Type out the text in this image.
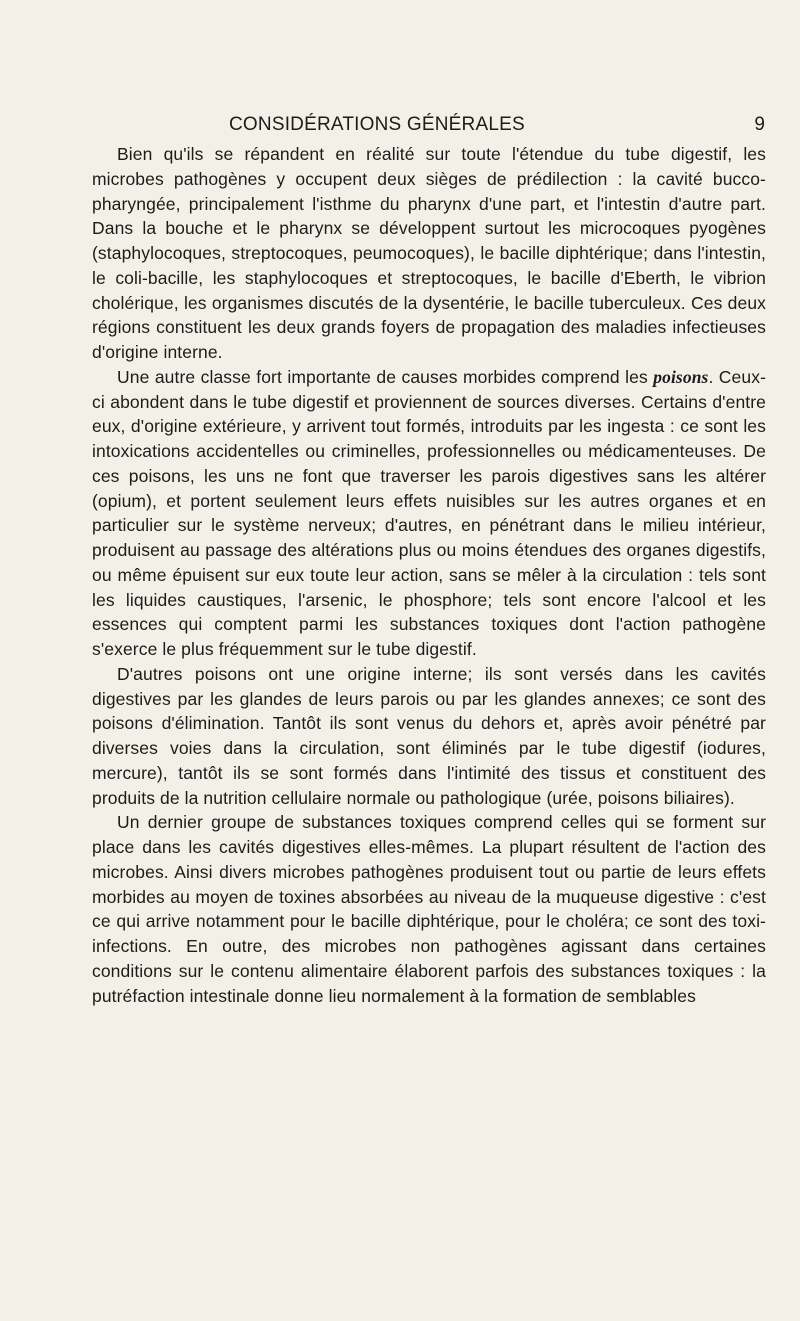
CONSIDÉRATIONS GÉNÉRALES	9

Bien qu'ils se répandent en réalité sur toute l'étendue du tube digestif, les microbes pathogènes y occupent deux sièges de prédilection : la cavité bucco-pharyngée, principalement l'isthme du pharynx d'une part, et l'intestin d'autre part. Dans la bouche et le pharynx se développent surtout les microcoques pyogènes (staphylocoques, streptocoques, peumocoques), le bacille diphtérique; dans l'intestin, le coli-bacille, les staphylocoques et streptocoques, le bacille d'Eberth, le vibrion cholérique, les organismes discutés de la dysentérie, le bacille tuberculeux. Ces deux régions constituent les deux grands foyers de propagation des maladies infectieuses d'origine interne.

Une autre classe fort importante de causes morbides comprend les poisons. Ceux-ci abondent dans le tube digestif et proviennent de sources diverses. Certains d'entre eux, d'origine extérieure, y arrivent tout formés, introduits par les ingesta : ce sont les intoxications accidentelles ou criminelles, professionnelles ou médicamenteuses. De ces poisons, les uns ne font que traverser les parois digestives sans les altérer (opium), et portent seulement leurs effets nuisibles sur les autres organes et en particulier sur le système nerveux; d'autres, en pénétrant dans le milieu intérieur, produisent au passage des altérations plus ou moins étendues des organes digestifs, ou même épuisent sur eux toute leur action, sans se mêler à la circulation : tels sont les liquides caustiques, l'arsenic, le phosphore; tels sont encore l'alcool et les essences qui comptent parmi les substances toxiques dont l'action pathogène s'exerce le plus fréquemment sur le tube digestif.

D'autres poisons ont une origine interne; ils sont versés dans les cavités digestives par les glandes de leurs parois ou par les glandes annexes; ce sont des poisons d'élimination. Tantôt ils sont venus du dehors et, après avoir pénétré par diverses voies dans la circulation, sont éliminés par le tube digestif (iodures, mercure), tantôt ils se sont formés dans l'intimité des tissus et constituent des produits de la nutrition cellulaire normale ou pathologique (urée, poisons biliaires).

Un dernier groupe de substances toxiques comprend celles qui se forment sur place dans les cavités digestives elles-mêmes. La plupart résultent de l'action des microbes. Ainsi divers microbes pathogènes produisent tout ou partie de leurs effets morbides au moyen de toxines absorbées au niveau de la muqueuse digestive : c'est ce qui arrive notamment pour le bacille diphtérique, pour le choléra; ce sont des toxi-infections. En outre, des microbes non pathogènes agissant dans certaines conditions sur le contenu alimentaire élaborent parfois des substances toxiques : la putréfaction intestinale donne lieu normalement à la formation de semblables
